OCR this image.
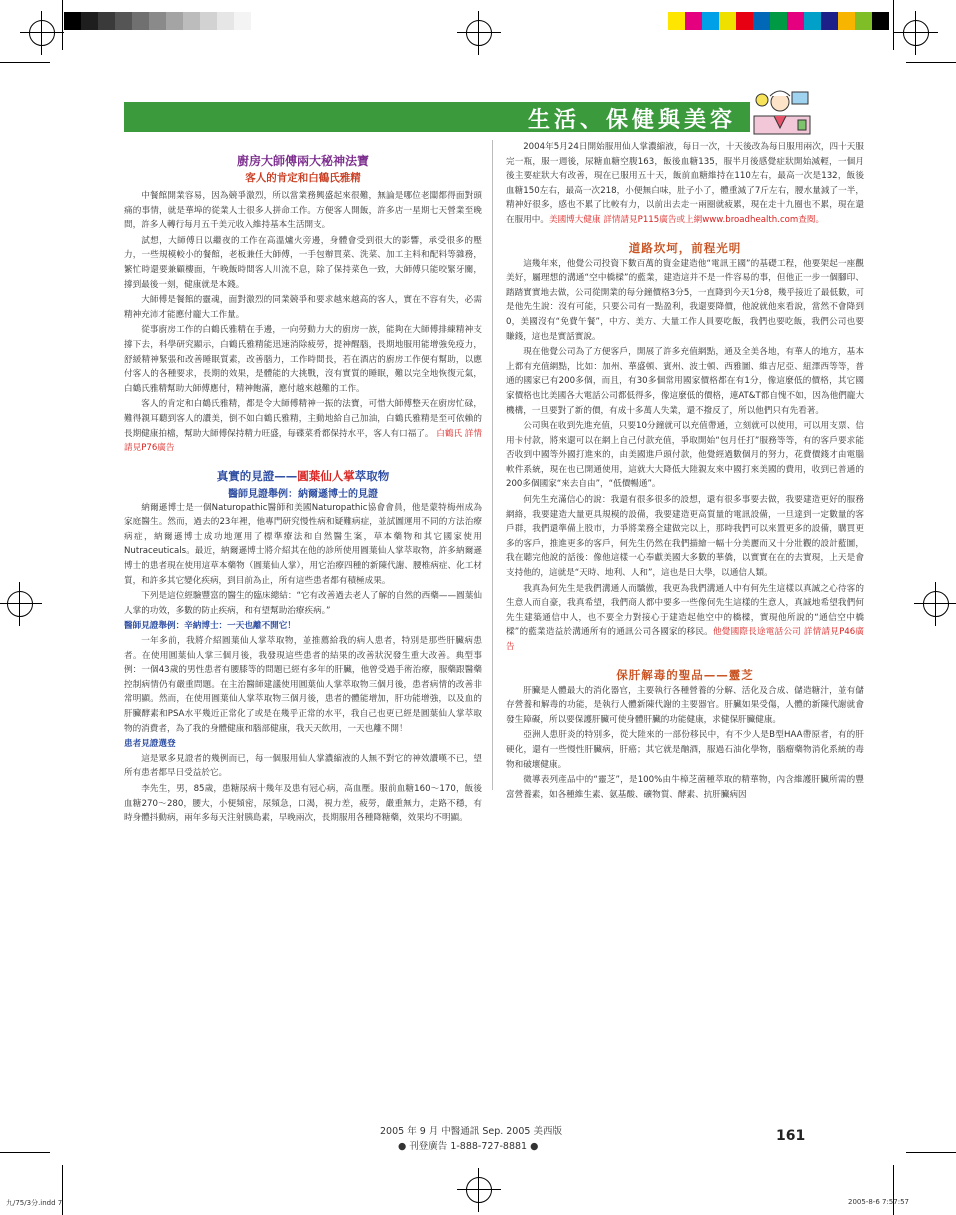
生活、保健與美容
廚房大師傅兩大秘神法寶
客人的肯定和白鶴氏雅精

中餐館開業容易，因為競爭激烈，所以當業務興盛起來很難，無論是哪位老闆都得面對頭痛的事情，就是華埠的從業人士很多人拼命工作。方便客人開飯，許多店一星期七天營業至晚間，許多人轉行每月五千美元收入維持基本生活開支。

試想，大師傅日以繼夜的工作在高溫爐火旁邊，身體會受到很大的影響，承受很多的壓力，一些規模較小的餐館，老板兼任大師傅，一手包辦買菜、洗菜、加工主料和配料等雜務，繁忙時還要兼顧樓面，午晚飯時間客人川流不息，除了保持菜色一致，大師傅只能咬緊牙關，撐到最後一刻，健康就是本錢。

大師傅是餐館的靈魂，面對激烈的同業競爭和要求越來越高的客人，實在不容有失，必需精神充沛才能應付龐大工作量。

從事廚房工作的白鶴氏雅精在手邊，一向勞動力大的廚房一族，能夠在大師傅排練精神支撐下去，科學研究顯示，白鶴氏雅精能迅速消除疲勞，提神醒腦，長期地服用能增強免疫力，舒緩精神緊張和改善睡眠質素，改善腦力，工作時間長，若在酒店的廚房工作便有幫助，以應付客人的各種要求，長期的效果，是體能的大挑戰，沒有實質的睡眠，難以完全地恢復元氣，白鶴氏雅精幫助大師傅應付，精神飽滿，應付越來越難的工作。

客人的肯定和白鶴氏雅精，都是令大師傅精神一振的法寶，可惜大師傅整天在廚房忙碌，難得親耳聽到客人的讚美，倒不如白鶴氏雅精，主動地給自己加油，白鶴氏雅精是至可依賴的長期健康拍檔，幫助大師傅保持精力旺盛，每碟菜肴都保持水平，客人有口福了。 白鶴氏 詳情請見P76廣告

真實的見證——圓葉仙人掌萃取物
醫師見證舉例：納爾遜博士的見證

納爾遜博士是一個Naturopathic醫師和美國Naturopathic協會會員，他是蒙特梅州成為家庭醫生。然而，過去的23年裡，他專門研究慢性病和疑難病症，並試圖運用不同的方法治療病症，納爾遜博士成功地運用了標準療法和自然醫生案，草本藥物和其它國家使用Nutraceuticals。最近，納爾遜博士將介紹其在他的診所使用圓葉仙人掌萃取物，許多納爾遜博士的患者現在使用這草本藥物（圓葉仙人掌），用它治療四種的新陳代謝、腰椎病症、化工材質，和許多其它變化疾病，到目前為止，所有這些患者都有積極成果。

下列是這位經驗豐富的醫生的臨床總結：“它有改善過去老人了解的自然的西藥——圓葉仙人掌的功效，多數的防止疾病，和有望幫助治療疾病。”

醫師見證舉例：辛納博士：一天也離不開它！

一年多前，我將介紹圓葉仙人掌萃取物，並推薦給我的病人患者，特別是那些肝臟病患者。在使用圓葉仙人掌三個月後，我發現這些患者的結果的改善狀況發生重大改善。典型事例：一個43歲的男性患者有腰膝等的問題已經有多年的肝臟，他曾受過手術治療，服藥跟醫藥控制病情仍有嚴重問題。在主治醫師建議使用圓葉仙人掌萃取物三個月後，患者病情的改善非常明顯。然而，在使用圓葉仙人掌萃取物三個月後，患者的體能增加，肝功能增強，以及血的肝臟酵素和PSA水平幾近正常化了或是在幾乎正常的水平，我自己也更已經是圓葉仙人掌萃取物的消費者，為了我的身體健康和腦部健康，我天天飲用，一天也離不開！

患者見證選登

這是眾多見證者的幾例而已，每一個服用仙人掌濃縮液的人無不對它的神效讚嘆不已，望所有患者都早日受益於它。

李先生，男，85歲，患糖尿病十幾年及患有冠心病，高血壓。服前血糖160～170，飯後血糖270～280，腰大，小便頻密，尿頻急，口渴，視力差，疲勞，嚴重無力，走路不穩，有時身體抖動病，兩年多每天注射胰島素，早晚兩次，長期服用各種降糖藥，效果均不明顯。

2004年5月24日開始服用仙人掌濃縮液，每日一次，十天後改為每日服用兩次，四十天服完一瓶，服一週後，尿糖血糖空腹163，飯後血糖135，服半月後感覺症狀開始減輕，一個月後主要症狀大有改善，現在已服用五十天，飯前血糖維持在110左右，最高一次是132，飯後血糖150左右，最高一次218，小便無白味，肚子小了，體重減了7斤左右，腰水量減了一半，精神好很多，感也不累了比較有力，以前出去走一兩圈就疲累，現在走十九圈也不累，現在還在服用中。美國博大健康 詳情請見P115廣告或上網www.broadhealth.com查閱。

道路坎坷，前程光明

這幾年來，他覺公司投資下數百萬的資金建造他“電訊王國”的基礎工程，他要架起一座觀美好，屬理想的溝通“空中橋樑”的藍業，建造這并不是一件容易的事，但他正一步一個腳印、踏踏實實地去做，公司從開業的每分鐘價格3分5，一直降到今天1分8，幾乎接近了最低數，可是他先生說：沒有可能，只要公司有一點盈利，我還要降價，他說就他來看說，當然不會降到0，美國沒有“免費午餐”，中方、美方、大量工作人員要吃飯，我們也要吃飯，我們公司也要賺錢，這也是實話實說。

現在他覺公司為了方便客戶，開展了許多充值網點，通及全美各地，有華人的地方，基本上都有充值網點，比如：加州、華盛頓、賓州、波士頓、西雅圖、維吉尼亞、紐澤西等等，普通的國家已有200多個，而且，有30多個常用國家價格都在有1分，像這麼低的價格，其它國家價格也比美國各大電話公司都低得多，像這麼低的價格，連AT&T都自愧不如，因為他們龐大機構，一旦要對了新的價，有成十多萬人失業，還不撥反了，所以他們只有先看著。

公司與在收到先進充值，只要10分鐘就可以充值帶通，立刻就可以使用，可以用支票、信用卡付款，將來還可以在網上自己付款充值，爭取開始“包月任打”服務等等，有的客戶要求能否收到中國等外國打進來的，由美國進戶頭付款，他覺經過數個月的努力，花費價錢才由電腦軟件系統，現在也已開通使用，這就大大降低大陸親友來中國打來美國的費用，收到已普通的200多個國家“來去自由”，“低價暢通”。

何先生充滿信心的說：我還有很多很多的設想，還有很多事要去做，我要建造更好的服務網絡，我要建造大量更具規模的設備，我要建造更高質量的電訊設備，一旦達到一定數量的客戶群，我們還準備上股市，力爭將業務全建做完以上，那時我們可以來置更多的設備，購買更多的客戶，推進更多的客戶，何先生仍然在我們描繪一幅十分美麗而又十分壯觀的設計藍圖，我在聽完他說的話後：像他這樣一心奉獻美國大多數的華僑，以實實在在的去實現，上天是會支持他的，這就是“天時、地利、人和”，這也是日大學，以通信人類。

我真為何先生是我們溝通人而驕傲，我更為我們溝通人中有何先生這樣以真誠之心待客的生意人而自豪，我真希望，我們商人都中要多一些像何先生這樣的生意人，真誠地希望我們何先生建築通信中人，也不要全力對接心于建造起他空中的橋樑，實現他所說的“通信空中橋樑”的藍業造益於溝通所有的通訊公司各國家的移民。他覺國際長途電話公司 詳情請見P46廣告

保肝解毒的聖品——靈芝

肝臟是人體最大的消化器官，主要執行各種營養的分解、活化及合成、儲造糖汁，並有儲存營養和解毒的功能，是執行人體新陳代謝的主要器官。肝臟如果受傷，人體的新陳代謝就會發生障礙，所以要保護肝臟可使身體肝臟的功能健康，求健保肝臟健康。

亞洲人患肝炎的特別多，從大陸來的一部份移民中，有不少人是B型HAA帶原者，有的肝硬化，還有一些慢性肝臟病，肝癌；其它就是酗酒，服過石油化學物，腦瘤藥物消化系統的毒物和破壞健康。

微導表列產品中的“靈芝”，是100%由牛樟芝菌種萃取的精華物，內含維護肝臟所需的豐富營養素，如各種維生素、氨基酸、礦物質、酵素、抗肝臟病因

2005 年 9 月 中醫通訊 Sep. 2005 美西版
● 刊登廣告 1-888-727-8881 ●
161
九/75/3分.indd 7	2005-8-6 7:57:57
